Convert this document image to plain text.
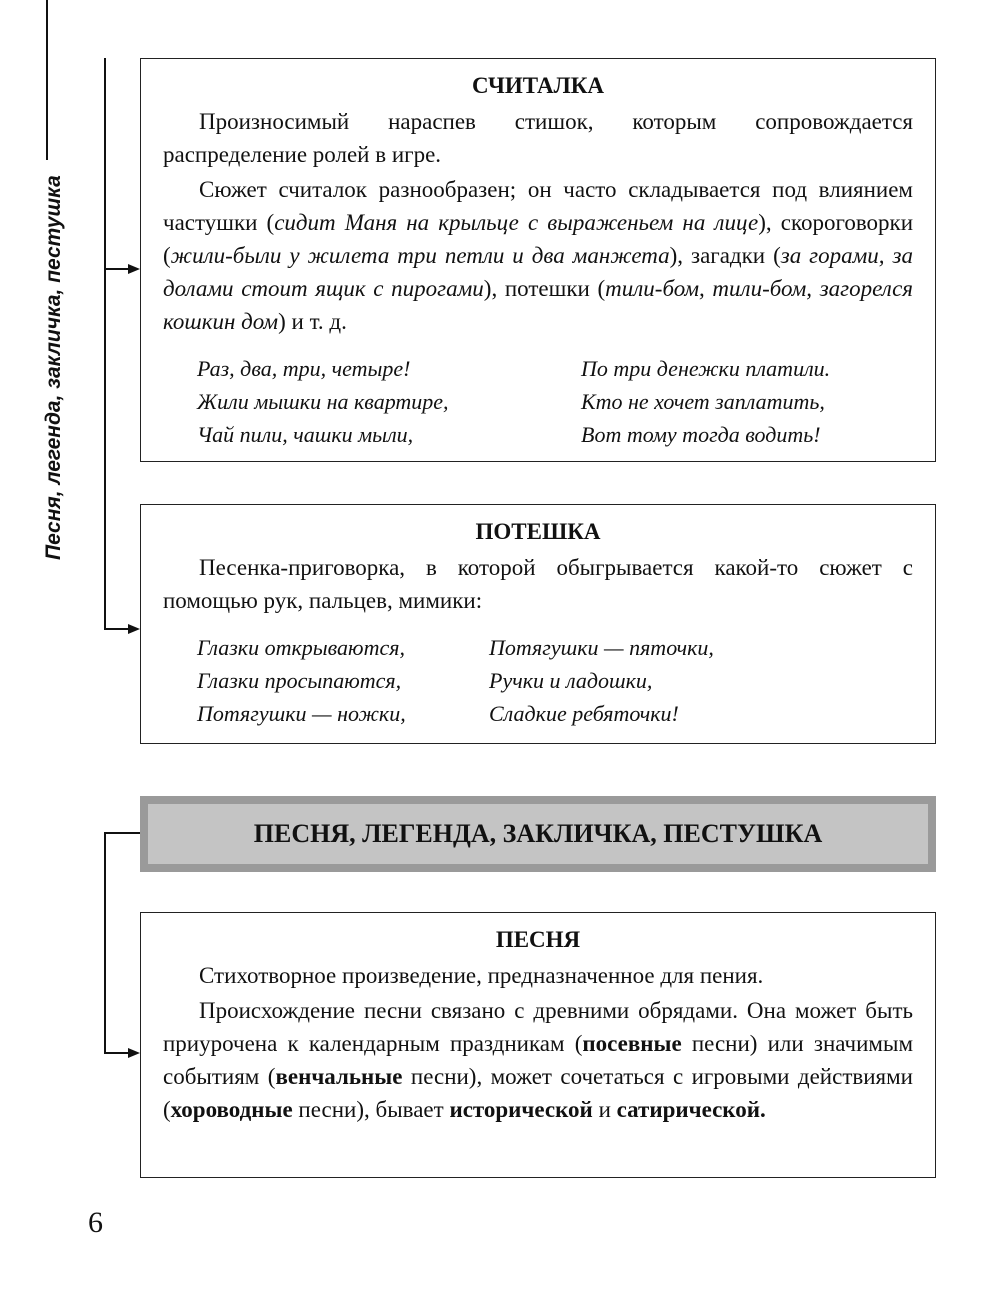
Песня, легенда, закличка, пестушка
СЧИТАЛКА

Произносимый нараспев стишок, которым сопровождается распределение ролей в игре.

Сюжет считалок разнообразен; он часто складывается под влиянием частушки (сидит Маня на крыльце с выраженьем на лице), скороговорки (жили-были у жилета три петли и два манжета), загадки (за горами, за долами стоит ящик с пирогами), потешки (тили-бом, тили-бом, загорелся кошкин дом) и т. д.

Раз, два, три, четыре!
Жили мышки на квартире,
Чай пили, чашки мыли,
По три денежки платили.
Кто не хочет заплатить,
Вот тому тогда водить!
ПОТЕШКА

Песенка-приговорка, в которой обыгрывается какой-то сюжет с помощью рук, пальцев, мимики:

Глазки открываются,
Глазки просыпаются,
Потягушки — ножки,
Потягушки — пяточки,
Ручки и ладошки,
Сладкие ребяточки!
ПЕСНЯ, ЛЕГЕНДА, ЗАКЛИЧКА, ПЕСТУШКА
ПЕСНЯ

Стихотворное произведение, предназначенное для пения.

Происхождение песни связано с древними обрядами. Она может быть приурочена к календарным праздникам (посевные песни) или значимым событиям (венчальные песни), может сочетаться с игровыми действиями (хороводные песни), бывает исторической и сатирической.

6
